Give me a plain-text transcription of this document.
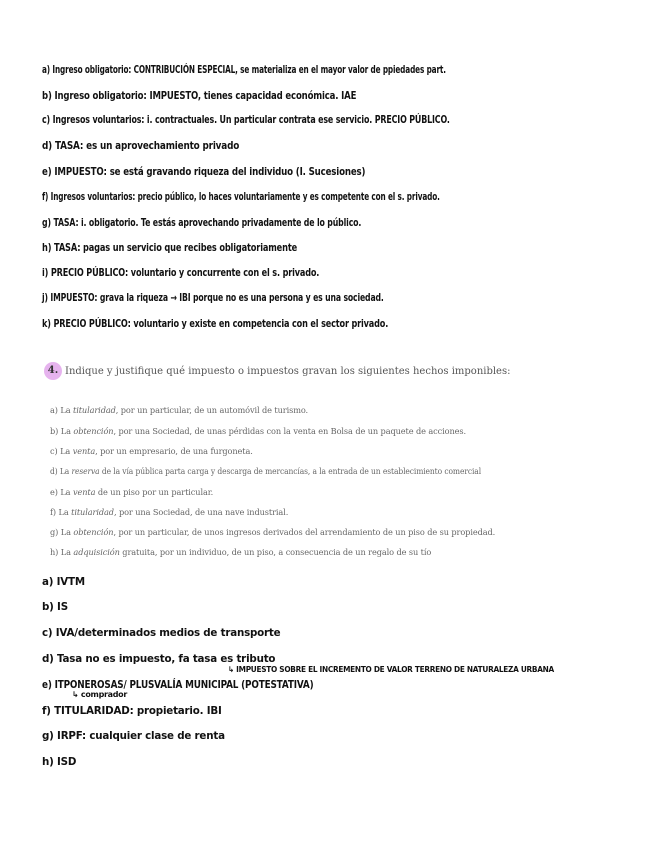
a) Ingreso obligatorio: CONTRIBUCIÓN ESPECIAL, se materializa en el mayor valor de ppiedades part.
b) Ingreso obligatorio: IMPUESTO, tienes capacidad económica. IAE
c) Ingresos voluntarios: i. contractuales. Un particular contrata ese servicio. PRECIO PÚBLICO.
d) TASA: es un aprovechamiento privado
e) IMPUESTO: se está gravando riqueza del individuo (I. Sucesiones)
f) Ingresos voluntarios: precio público, lo haces voluntariamente y es competente con el s. privado.
g) TASA: i. obligatorio. Te estás aprovechando privadamente de lo público.
h) TASA: pagas un servicio que recibes obligatoriamente
i) PRECIO PÚBLICO: voluntario y concurrente con el s. privado.
j) IMPUESTO: grava la riqueza → IBI porque no es una persona y es una sociedad.
k) PRECIO PÚBLICO: voluntario y existe en competencia con el sector privado.
4. Indique y justifique qué impuesto o impuestos gravan los siguientes hechos imponibles:
a) La titularidad, por un particular, de un automóvil de turismo.
b) La obtención, por una Sociedad, de unas pérdidas con la venta en Bolsa de un paquete de acciones.
c) La venta, por un empresario, de una furgoneta.
d) La reserva de la vía pública parta carga y descarga de mercancías, a la entrada de un establecimiento comercial
e) La venta de un piso por un particular.
f) La titularidad, por una Sociedad, de una nave industrial.
g) La obtención, por un particular, de unos ingresos derivados del arrendamiento de un piso de su propiedad.
h) La adquisición gratuita, por un individuo, de un piso, a consecuencia de un regalo de su tío
a) IVTM
b) IS
c) IVA/determinados medios de transporte
d) Tasa no es impuesto, fa tasa es tributo
↳ IMPUESTO SOBRE EL INCREMENTO DE VALOR TERRENO DE NATURALEZA URBANA
e) ITPONEROSAS/ PLUSVALÍA MUNICIPAL (POTESTATIVA)
↳ comprador
f) TITULARIDAD: propietario. IBI
g) IRPF: cualquier clase de renta
h) ISD
